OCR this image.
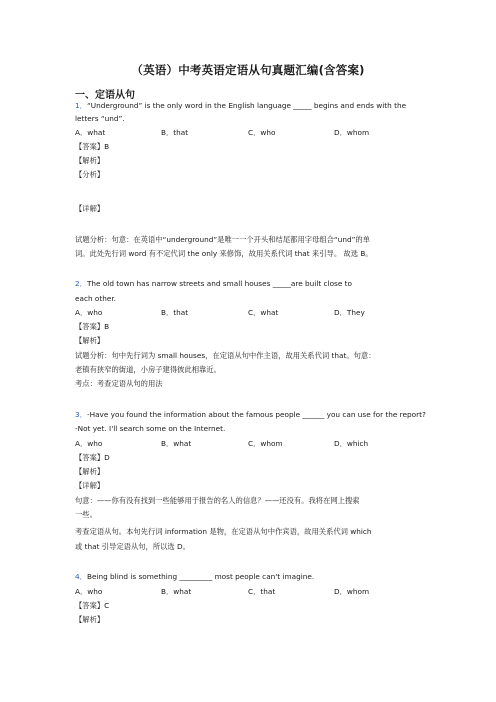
（英语）中考英语定语从句真题汇编(含答案)
一、定语从句
1．“Underground” is the only word in the English language _____ begins and ends with the
letters “und”.
A．what	B．that	C．who	D．whom
【答案】B
【解析】
【分析】
【详解】
试题分析：句意：在英语中“underground”是唯一一个开头和结尾都用字母组合“und”的单
词。此处先行词 word 有不定代词 the only 来修饰，故用关系代词 that 来引导。 故选 B。
2．The old town has narrow streets and small houses _____are built close to
each other.
A．who	B．that	C．what	D．They
【答案】B
【解析】
试题分析：句中先行词为 small houses，在定语从句中作主语，故用关系代词 that。句意：
老镇有狭窄的街道，小房子建得彼此相靠近。
考点：考查定语从句的用法
3．-Have you found the information about the famous people ______ you can use for the report?
-Not yet. I'll search some on the Internet.
A．who	B．what	C．whom	D．which
【答案】D
【解析】
【详解】
句意：——你有没有找到一些能够用于报告的名人的信息？——还没有。我将在网上搜索
一些。
考查定语从句。本句先行词 information 是物，在定语从句中作宾语，故用关系代词 which
或 that 引导定语从句，所以选 D。
4．Being blind is something _________ most people can't imagine.
A．who	B．what	C．that	D．whom
【答案】C
【解析】
